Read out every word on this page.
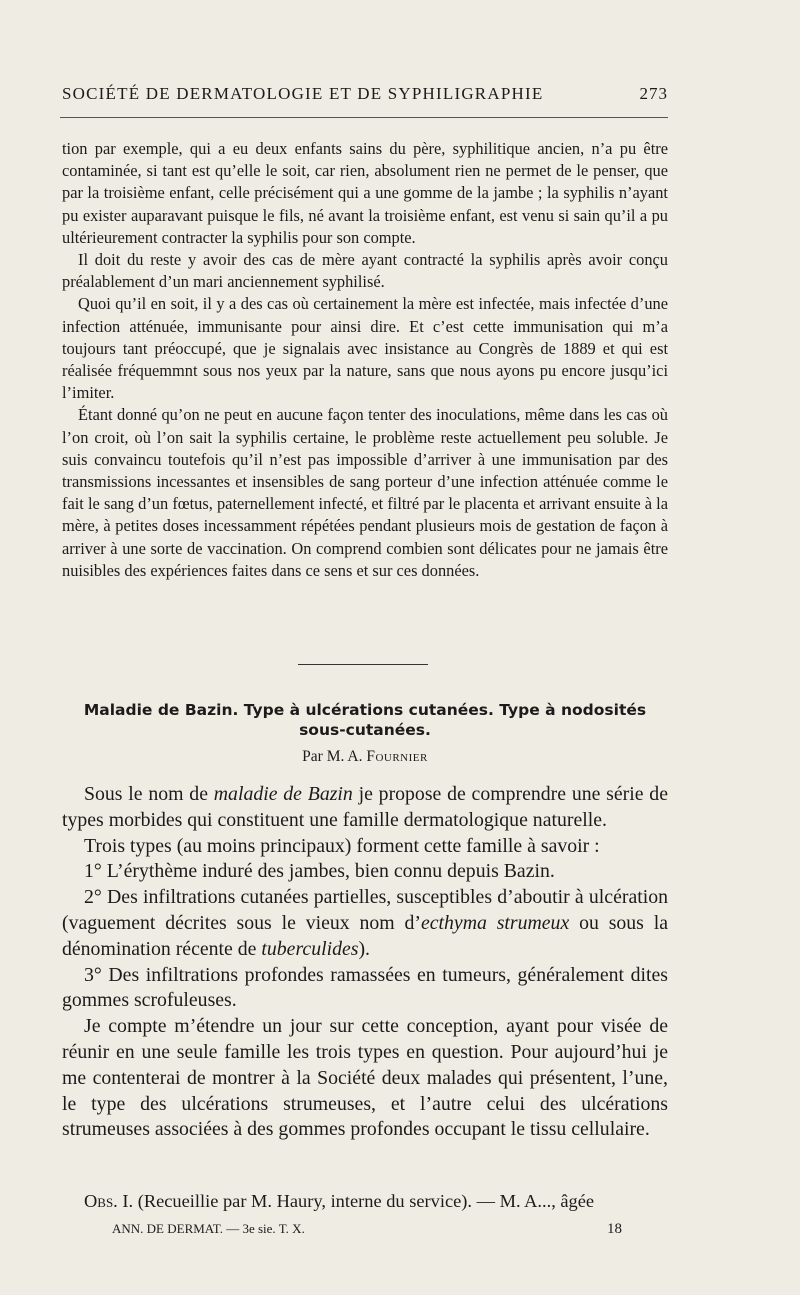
SOCIÉTÉ DE DERMATOLOGIE ET DE SYPHILIGRAPHIE	273

tion par exemple, qui a eu deux enfants sains du père, syphilitique ancien, n’a pu être contaminée, si tant est qu’elle le soit, car rien, absolument rien ne permet de le penser, que par la troisième enfant, celle précisément qui a une gomme de la jambe ; la syphilis n’ayant pu exister auparavant puisque le fils, né avant la troisième enfant, est venu si sain qu’il a pu ultérieurement contracter la syphilis pour son compte.

Il doit du reste y avoir des cas de mère ayant contracté la syphilis après avoir conçu préalablement d’un mari anciennement syphilisé.

Quoi qu’il en soit, il y a des cas où certainement la mère est infectée, mais infectée d’une infection atténuée, immunisante pour ainsi dire. Et c’est cette immunisation qui m’a toujours tant préoccupé, que je signalais avec insistance au Congrès de 1889 et qui est réalisée fréquemmnt sous nos yeux par la nature, sans que nous ayons pu encore jusqu’ici l’imiter.

Étant donné qu’on ne peut en aucune façon tenter des inoculations, même dans les cas où l’on croit, où l’on sait la syphilis certaine, le problème reste actuellement peu soluble. Je suis convaincu toutefois qu’il n’est pas impossible d’arriver à une immunisation par des transmissions incessantes et insensibles de sang porteur d’une infection atténuée comme le fait le sang d’un fœtus, paternellement infecté, et filtré par le placenta et arrivant ensuite à la mère, à petites doses incessamment répétées pendant plusieurs mois de gestation de façon à arriver à une sorte de vaccination. On comprend combien sont délicates pour ne jamais être nuisibles des expériences faites dans ce sens et sur ces données.

Maladie de Bazin. Type à ulcérations cutanées. Type à nodosités sous-cutanées.
Par M. A. Fournier

Sous le nom de maladie de Bazin je propose de comprendre une série de types morbides qui constituent une famille dermatologique naturelle.

Trois types (au moins principaux) forment cette famille à savoir :

1° L’érythème induré des jambes, bien connu depuis Bazin.

2° Des infiltrations cutanées partielles, susceptibles d’aboutir à ulcération (vaguement décrites sous le vieux nom d’ecthyma strumeux ou sous la dénomination récente de tuberculides).

3° Des infiltrations profondes ramassées en tumeurs, généralement dites gommes scrofuleuses.

Je compte m’étendre un jour sur cette conception, ayant pour visée de réunir en une seule famille les trois types en question. Pour aujourd’hui je me contenterai de montrer à la Société deux malades qui présentent, l’une, le type des ulcérations strumeuses, et l’autre celui des ulcérations strumeuses associées à des gommes profondes occupant le tissu cellulaire.

Obs. I. (Recueillie par M. Haury, interne du service). — M. A..., âgée

ANN. DE DERMAT. — 3e sie. T. X.	18
